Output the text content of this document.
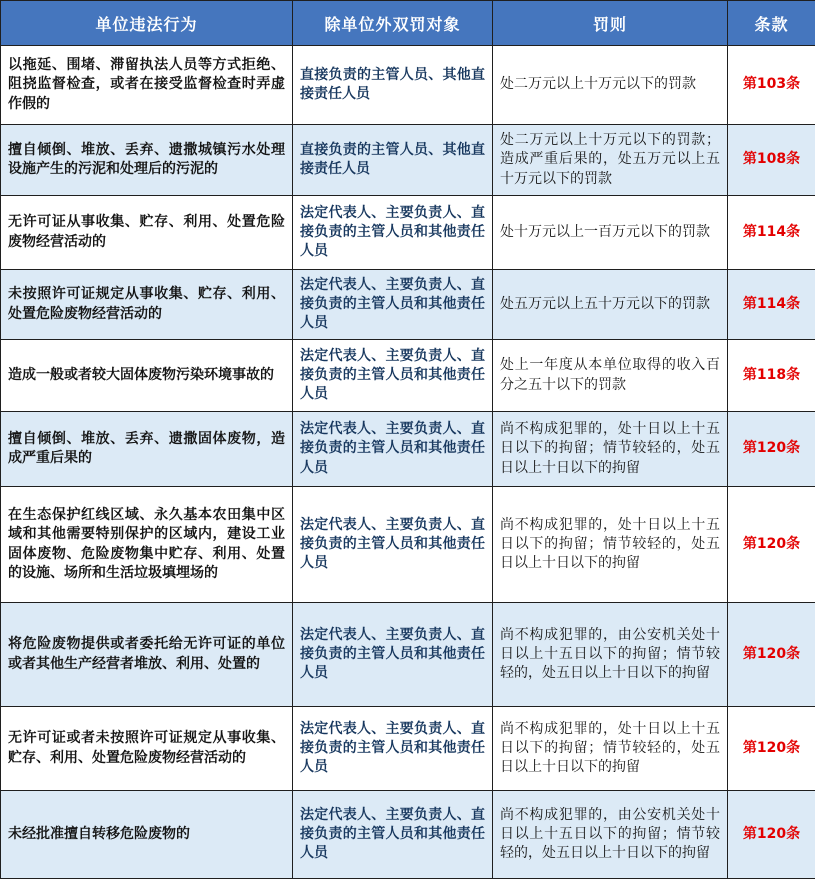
单位违法行为	除单位外双罚对象	罚则	条款
以拖延、围堵、滞留执法人员等方式拒绝、阻挠监督检查，或者在接受监督检查时弄虚作假的	直接负责的主管人员、其他直接责任人员	处二万元以上十万元以下的罚款	第103条
擅自倾倒、堆放、丢弃、遗撒城镇污水处理设施产生的污泥和处理后的污泥的	直接负责的主管人员、其他直接责任人员	处二万元以上十万元以下的罚款；造成严重后果的，处五万元以上五十万元以下的罚款	第108条
无许可证从事收集、贮存、利用、处置危险废物经营活动的	法定代表人、主要负责人、直接负责的主管人员和其他责任人员	处十万元以上一百万元以下的罚款	第114条
未按照许可证规定从事收集、贮存、利用、处置危险废物经营活动的	法定代表人、主要负责人、直接负责的主管人员和其他责任人员	处五万元以上五十万元以下的罚款	第114条
造成一般或者较大固体废物污染环境事故的	法定代表人、主要负责人、直接负责的主管人员和其他责任人员	处上一年度从本单位取得的收入百分之五十以下的罚款	第118条
擅自倾倒、堆放、丢弃、遗撒固体废物，造成严重后果的	法定代表人、主要负责人、直接负责的主管人员和其他责任人员	尚不构成犯罪的，处十日以上十五日以下的拘留；情节较轻的，处五日以上十日以下的拘留	第120条
在生态保护红线区域、永久基本农田集中区域和其他需要特别保护的区域内，建设工业固体废物、危险废物集中贮存、利用、处置的设施、场所和生活垃圾填埋场的	法定代表人、主要负责人、直接负责的主管人员和其他责任人员	尚不构成犯罪的，处十日以上十五日以下的拘留；情节较轻的，处五日以上十日以下的拘留	第120条
将危险废物提供或者委托给无许可证的单位或者其他生产经营者堆放、利用、处置的	法定代表人、主要负责人、直接负责的主管人员和其他责任人员	尚不构成犯罪的，由公安机关处十日以上十五日以下的拘留；情节较轻的，处五日以上十日以下的拘留	第120条
无许可证或者未按照许可证规定从事收集、贮存、利用、处置危险废物经营活动的	法定代表人、主要负责人、直接负责的主管人员和其他责任人员	尚不构成犯罪的，处十日以上十五日以下的拘留；情节较轻的，处五日以上十日以下的拘留	第120条
未经批准擅自转移危险废物的	法定代表人、主要负责人、直接负责的主管人员和其他责任人员	尚不构成犯罪的，由公安机关处十日以上十五日以下的拘留；情节较轻的，处五日以上十日以下的拘留	第120条
